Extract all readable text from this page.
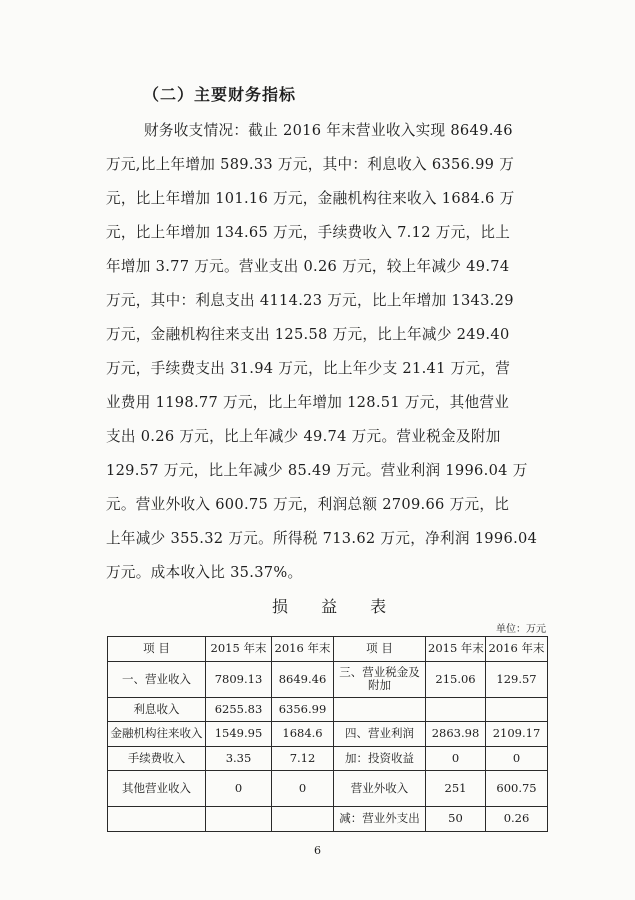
（二）主要财务指标
财务收支情况：截止 2016 年末营业收入实现 8649.46
万元,比上年增加 589.33 万元，其中：利息收入 6356.99 万
元，比上年增加 101.16 万元，金融机构往来收入 1684.6 万
元，比上年增加 134.65 万元，手续费收入 7.12 万元，比上
年增加 3.77 万元。营业支出 0.26 万元，较上年减少 49.74
万元，其中：利息支出 4114.23 万元，比上年增加 1343.29
万元，金融机构往来支出 125.58 万元，比上年减少 249.40
万元，手续费支出 31.94 万元，比上年少支 21.41 万元，营
业费用 1198.77 万元，比上年增加 128.51 万元，其他营业
支出 0.26 万元，比上年减少 49.74 万元。营业税金及附加
129.57 万元，比上年减少 85.49 万元。营业利润 1996.04 万
元。营业外收入 600.75 万元，利润总额 2709.66 万元，比
上年减少 355.32 万元。所得税 713.62 万元，净利润 1996.04
万元。成本收入比 35.37%。
损 益 表
单位：万元
项 目	2015 年末	2016 年末	项 目	2015 年末	2016 年末
一、营业收入	7809.13	8649.46	三、营业税金及附加	215.06	129.57
利息收入	6255.83	6356.99			
金融机构往来收入	1549.95	1684.6	四、营业利润	2863.98	2109.17
手续费收入	3.35	7.12	加：投资收益	0	0
其他营业收入	0	0	营业外收入	251	600.75
			减：营业外支出	50	0.26
6
